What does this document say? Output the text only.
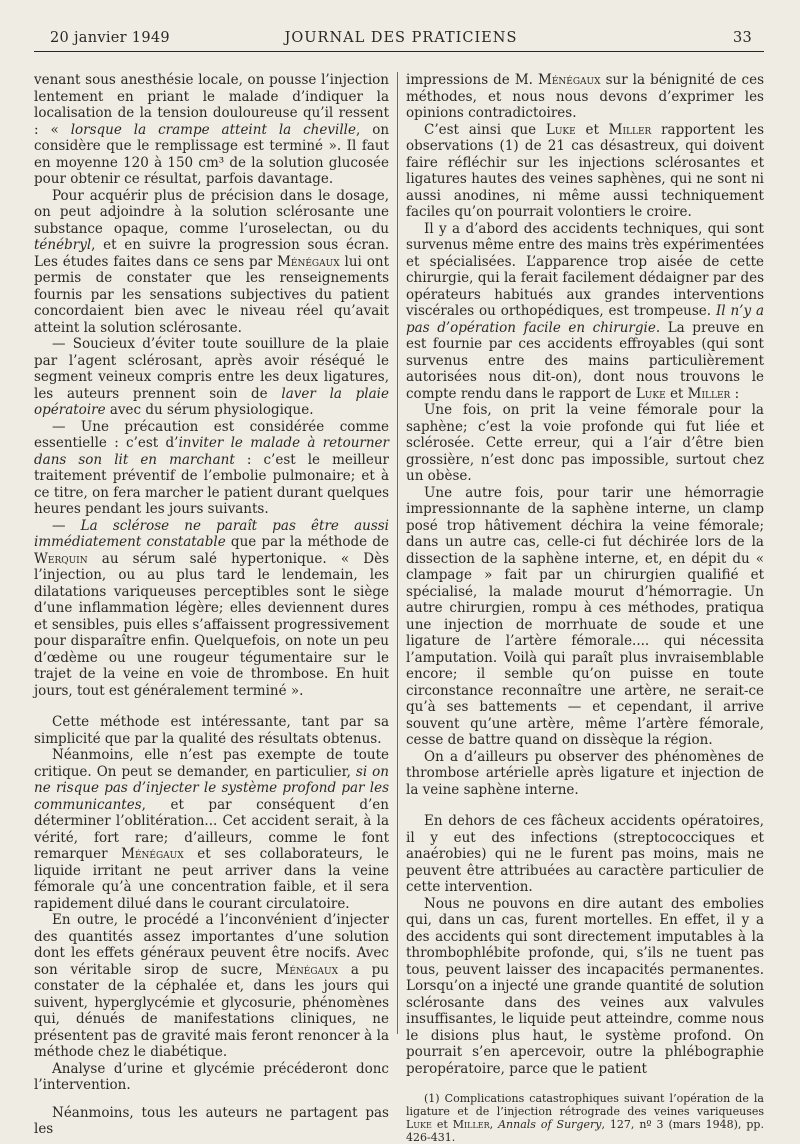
20 janvier 1949	JOURNAL DES PRATICIENS	33

venant sous anesthésie locale, on pousse l’injection lentement en priant le malade d’indiquer la localisation de la tension douloureuse qu’il ressent : « lorsque la crampe atteint la cheville, on considère que le remplissage est terminé ». Il faut en moyenne 120 à 150 cm³ de la solution glucosée pour obtenir ce résultat, parfois davantage.

Pour acquérir plus de précision dans le dosage, on peut adjoindre à la solution sclérosante une substance opaque, comme l’uroselectan, ou du ténébryl, et en suivre la progression sous écran. Les études faites dans ce sens par Ménégaux lui ont permis de constater que les renseignements fournis par les sensations subjectives du patient concordaient bien avec le niveau réel qu’avait atteint la solution sclérosante.

— Soucieux d’éviter toute souillure de la plaie par l’agent sclérosant, après avoir réséqué le segment veineux compris entre les deux ligatures, les auteurs prennent soin de laver la plaie opératoire avec du sérum physiologique.

— Une précaution est considérée comme essentielle : c’est d’inviter le malade à retourner dans son lit en marchant : c’est le meilleur traitement préventif de l’embolie pulmonaire; et à ce titre, on fera marcher le patient durant quelques heures pendant les jours suivants.

— La sclérose ne paraît pas être aussi immédiatement constatable que par la méthode de Werquin au sérum salé hypertonique. « Dès l’injection, ou au plus tard le lendemain, les dilatations variqueuses perceptibles sont le siège d’une inflammation légère; elles deviennent dures et sensibles, puis elles s’affaissent progressivement pour disparaître enfin. Quelquefois, on note un peu d’œdème ou une rougeur tégumentaire sur le trajet de la veine en voie de thrombose. En huit jours, tout est généralement terminé ».

Cette méthode est intéressante, tant par sa simplicité que par la qualité des résultats obtenus.

Néanmoins, elle n’est pas exempte de toute critique. On peut se demander, en particulier, si on ne risque pas d’injecter le système profond par les communicantes, et par conséquent d’en déterminer l’oblitération... Cet accident serait, à la vérité, fort rare; d’ailleurs, comme le font remarquer Ménégaux et ses collaborateurs, le liquide irritant ne peut arriver dans la veine fémorale qu’à une concentration faible, et il sera rapidement dilué dans le courant circulatoire.

En outre, le procédé a l’inconvénient d’injecter des quantités assez importantes d’une solution dont les effets généraux peuvent être nocifs. Avec son véritable sirop de sucre, Ménégaux a pu constater de la céphalée et, dans les jours qui suivent, hyperglycémie et glycosurie, phénomènes qui, dénués de manifestations cliniques, ne présentent pas de gravité mais feront renoncer à la méthode chez le diabétique.

Analyse d’urine et glycémie précéderont donc l’intervention.

Néanmoins, tous les auteurs ne partagent pas les

impressions de M. Ménégaux sur la bénignité de ces méthodes, et nous nous devons d’exprimer les opinions contradictoires.

C’est ainsi que Luke et Miller rapportent les observations (1) de 21 cas désastreux, qui doivent faire réfléchir sur les injections sclérosantes et ligatures hautes des veines saphènes, qui ne sont ni aussi anodines, ni même aussi techniquement faciles qu’on pourrait volontiers le croire.

Il y a d’abord des accidents techniques, qui sont survenus même entre des mains très expérimentées et spécialisées. L’apparence trop aisée de cette chirurgie, qui la ferait facilement dédaigner par des opérateurs habitués aux grandes interventions viscérales ou orthopédiques, est trompeuse. Il n’y a pas d’opération facile en chirurgie. La preuve en est fournie par ces accidents effroyables (qui sont survenus entre des mains particulièrement autorisées nous dit-on), dont nous trouvons le compte rendu dans le rapport de Luke et Miller :

Une fois, on prit la veine fémorale pour la saphène; c’est la voie profonde qui fut liée et sclérosée. Cette erreur, qui a l’air d’être bien grossière, n’est donc pas impossible, surtout chez un obèse.

Une autre fois, pour tarir une hémorragie impressionnante de la saphène interne, un clamp posé trop hâtivement déchira la veine fémorale; dans un autre cas, celle-ci fut déchirée lors de la dissection de la saphène interne, et, en dépit du « clampage » fait par un chirurgien qualifié et spécialisé, la malade mourut d’hémorragie. Un autre chirurgien, rompu à ces méthodes, pratiqua une injection de morrhuate de soude et une ligature de l’artère fémorale.... qui nécessita l’amputation. Voilà qui paraît plus invraisemblable encore; il semble qu’on puisse en toute circonstance reconnaître une artère, ne serait-ce qu’à ses battements — et cependant, il arrive souvent qu’une artère, même l’artère fémorale, cesse de battre quand on dissèque la région.

On a d’ailleurs pu observer des phénomènes de thrombose artérielle après ligature et injection de la veine saphène interne.

En dehors de ces fâcheux accidents opératoires, il y eut des infections (streptococciques et anaérobies) qui ne le furent pas moins, mais ne peuvent être attribuées au caractère particulier de cette intervention.

Nous ne pouvons en dire autant des embolies qui, dans un cas, furent mortelles. En effet, il y a des accidents qui sont directement imputables à la thrombophlébite profonde, qui, s’ils ne tuent pas tous, peuvent laisser des incapacités permanentes. Lorsqu’on a injecté une grande quantité de solution sclérosante dans des veines aux valvules insuffisantes, le liquide peut atteindre, comme nous le disions plus haut, le système profond. On pourrait s’en apercevoir, outre la phlébographie peropératoire, parce que le patient

(1) Complications catastrophiques suivant l’opération de la ligature et de l’injection rétrograde des veines variqueuses Luke et Miller, Annals of Surgery, 127, nº 3 (mars 1948), pp. 426-431.
